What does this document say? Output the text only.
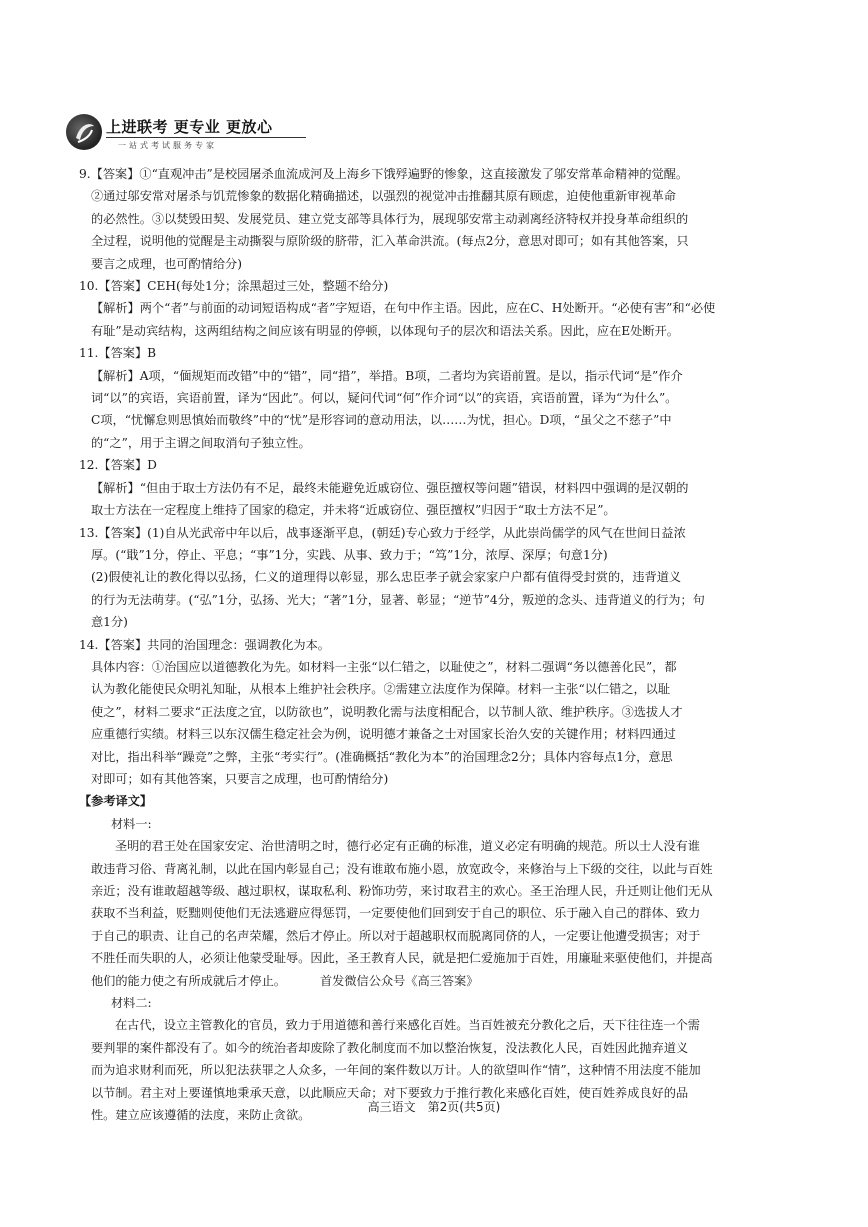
上进联考 更专业 更放心
一站式考试服务专家

9.【答案】①“直观冲击”是校园屠杀血流成河及上海乡下饿殍遍野的惨象，这直接激发了邬安常革命精神的觉醒。

②通过邬安常对屠杀与饥荒惨象的数据化精确描述，以强烈的视觉冲击推翻其原有顾虑，迫使他重新审视革命

的必然性。③以焚毁田契、发展党员、建立党支部等具体行为，展现邬安常主动剥离经济特权并投身革命组织的

全过程，说明他的觉醒是主动撕裂与原阶级的脐带，汇入革命洪流。(每点2分，意思对即可；如有其他答案，只

要言之成理，也可酌情给分)

10.【答案】CEH(每处1分；涂黑超过三处，整题不给分)

【解析】两个“者”与前面的动词短语构成“者”字短语，在句中作主语。因此，应在C、H处断开。“必使有害”和“必使

有耻”是动宾结构，这两组结构之间应该有明显的停顿，以体现句子的层次和语法关系。因此，应在E处断开。

11.【答案】B

【解析】A项，“偭规矩而改错”中的“错”，同“措”，举措。B项，二者均为宾语前置。是以，指示代词“是”作介

词“以”的宾语，宾语前置，译为“因此”。何以，疑问代词“何”作介词“以”的宾语，宾语前置，译为“为什么”。

C项，“忧懈怠则思慎始而敬终”中的“忧”是形容词的意动用法，以……为忧，担心。D项，“虽父之不慈子”中

的“之”，用于主谓之间取消句子独立性。

12.【答案】D

【解析】“但由于取士方法仍有不足，最终未能避免近戚窃位、强臣擅权等问题”错误，材料四中强调的是汉朝的

取士方法在一定程度上维持了国家的稳定，并未将“近戚窃位、强臣擅权”归因于“取士方法不足”。

13.【答案】(1)自从光武帝中年以后，战事逐渐平息，(朝廷)专心致力于经学，从此崇尚儒学的风气在世间日益浓

厚。(“戢”1分，停止、平息；“事”1分，实践、从事、致力于；“笃”1分，浓厚、深厚；句意1分)

(2)假使礼让的教化得以弘扬，仁义的道理得以彰显，那么忠臣孝子就会家家户户都有值得受封赏的，违背道义

的行为无法萌芽。(“弘”1分，弘扬、光大；“著”1分，显著、彰显；“逆节”4分，叛逆的念头、违背道义的行为；句

意1分)

14.【答案】共同的治国理念：强调教化为本。

具体内容：①治国应以道德教化为先。如材料一主张“以仁错之，以耻使之”，材料二强调“务以德善化民”，都

认为教化能使民众明礼知耻，从根本上维护社会秩序。②需建立法度作为保障。材料一主张“以仁错之，以耻

使之”，材料二要求“正法度之宜，以防欲也”，说明教化需与法度相配合，以节制人欲、维护秩序。③选拔人才

应重德行实绩。材料三以东汉儒生稳定社会为例，说明德才兼备之士对国家长治久安的关键作用；材料四通过

对比，指出科举“躁竞”之弊，主张“考实行”。(准确概括“教化为本”的治国理念2分；具体内容每点1分，意思

对即可；如有其他答案，只要言之成理，也可酌情给分)

【参考译文】

材料一:

圣明的君王处在国家安定、治世清明之时，德行必定有正确的标准，道义必定有明确的规范。所以士人没有谁

敢违背习俗、背离礼制，以此在国内彰显自己；没有谁敢布施小恩，放宽政令，来修治与上下级的交往，以此与百姓

亲近；没有谁敢超越等级、越过职权，谋取私利、粉饰功劳，来讨取君主的欢心。圣王治理人民，升迁则让他们无从

获取不当利益，贬黜则使他们无法逃避应得惩罚，一定要使他们回到安于自己的职位、乐于融入自己的群体、致力

于自己的职责、让自己的名声荣耀，然后才停止。所以对于超越职权而脱离同侪的人，一定要让他遭受损害；对于

不胜任而失职的人，必须让他蒙受耻辱。因此，圣王教育人民，就是把仁爱施加于百姓，用廉耻来驱使他们，并提高

他们的能力使之有所成就后才停止。	首发微信公众号《高三答案》

材料二:

在古代，设立主管教化的官员，致力于用道德和善行来感化百姓。当百姓被充分教化之后，天下往往连一个需

要判罪的案件都没有了。如今的统治者却废除了教化制度而不加以整治恢复，没法教化人民，百姓因此抛弃道义

而为追求财利而死，所以犯法获罪之人众多，一年间的案件数以万计。人的欲望叫作“情”，这种情不用法度不能加

以节制。君主对上要谨慎地秉承天意，以此顺应天命；对下要致力于推行教化来感化百姓，使百姓养成良好的品

性。建立应该遵循的法度，来防止贪欲。

高三语文　第2页(共5页)
